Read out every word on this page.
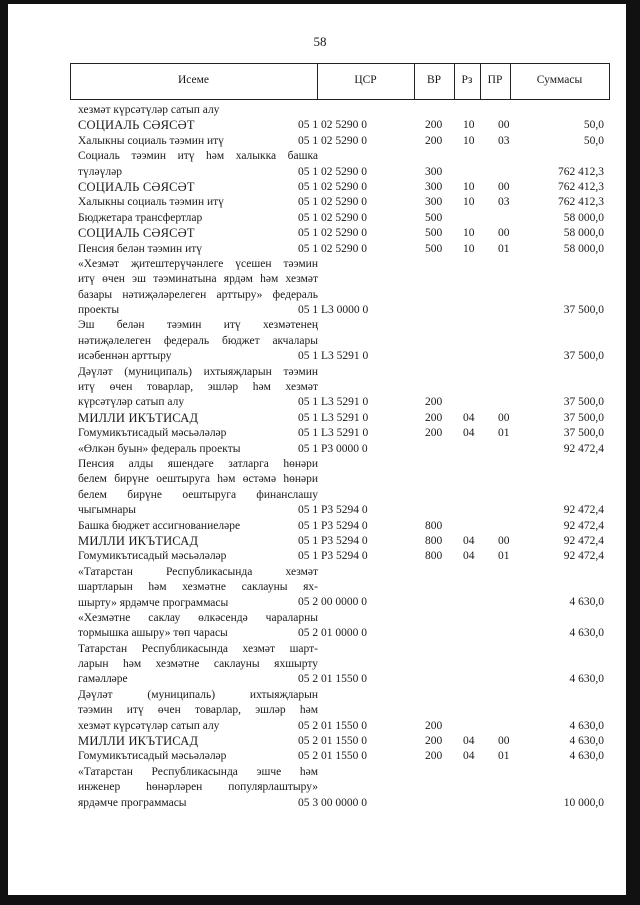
58
Исеме	ЦСР	ВР	Рз	ПР	Суммасы
хезмәт күрсәтүләр сатып алу
СОЦИАЛЬ СӘЯСӘТ	05 1 02 5290 0	200 10 00	50,0
Халыкны социаль тәэмин итү	05 1 02 5290 0	200 10 03	50,0
Социаль тәэмин итү һәм халыкка башка
түләүләр	05 1 02 5290 0	300	762 412,3
СОЦИАЛЬ СӘЯСӘТ	05 1 02 5290 0	300 10 00	762 412,3
Халыкны социаль тәэмин итү	05 1 02 5290 0	300 10 03	762 412,3
Бюджетара трансфертлар	05 1 02 5290 0	500	58 000,0
СОЦИАЛЬ СӘЯСӘТ	05 1 02 5290 0	500 10 00	58 000,0
Пенсия белән тәэмин итү	05 1 02 5290 0	500 10 01	58 000,0
«Хезмәт җитештерүчәнлеге үсешен тәэмин
итү өчен эш тәэминатына ярдәм һәм хезмәт
базары нәтиҗәләрелеген арттыру» федераль
проекты	05 1 L3 0000 0	37 500,0
Эш белән тәэмин итү хезмәтенең
нәтиҗәлелеген федераль бюджет акчалары
исәбеннән арттыру	05 1 L3 5291 0	37 500,0
Дәүләт (муниципаль) ихтыяҗларын тәэмин
итү өчен товарлар, эшләр һәм хезмәт
күрсәтүләр сатып алу	05 1 L3 5291 0	200	37 500,0
МИЛЛИ ИКЪТИСАД	05 1 L3 5291 0	200 04 00	37 500,0
Гомумикътисадый мәсьәләләр	05 1 L3 5291 0	200 04 01	37 500,0
«Өлкән буын» федераль проекты	05 1 P3 0000 0	92 472,4
Пенсия алды яшендәге затларга һөнәри
белем бирүне оештыруга һәм өстәмә һөнәри
белем бирүне оештыруга финанслашу
чыгымнары	05 1 P3 5294 0	92 472,4
Башка бюджет ассигнованиеләре	05 1 P3 5294 0	800	92 472,4
МИЛЛИ ИКЪТИСАД	05 1 P3 5294 0	800 04 00	92 472,4
Гомумикътисадый мәсьәләләр	05 1 P3 5294 0	800 04 01	92 472,4
«Татарстан Республикасында хезмәт
шартларын һәм хезмәтне саклауны ях-
шырту» ярдәмче программасы	05 2 00 0000 0	4 630,0
«Хезмәтне саклау өлкәсендә чараларны
тормышка ашыру» төп чарасы	05 2 01 0000 0	4 630,0
Татарстан Республикасында хезмәт шарт-
ларын һәм хезмәтне саклауны яхшырту
гамәлләре	05 2 01 1550 0	4 630,0
Дәүләт (муниципаль) ихтыяҗларын
тәэмин итү өчен товарлар, эшләр һәм
хезмәт күрсәтүләр сатып алу	05 2 01 1550 0	200	4 630,0
МИЛЛИ ИКЪТИСАД	05 2 01 1550 0	200 04 00	4 630,0
Гомумикътисадый мәсьәләләр	05 2 01 1550 0	200 04 01	4 630,0
«Татарстан Республикасында эшче һәм
инженер һөнәрләрен популярлаштыру»
ярдәмче программасы	05 3 00 0000 0	10 000,0
